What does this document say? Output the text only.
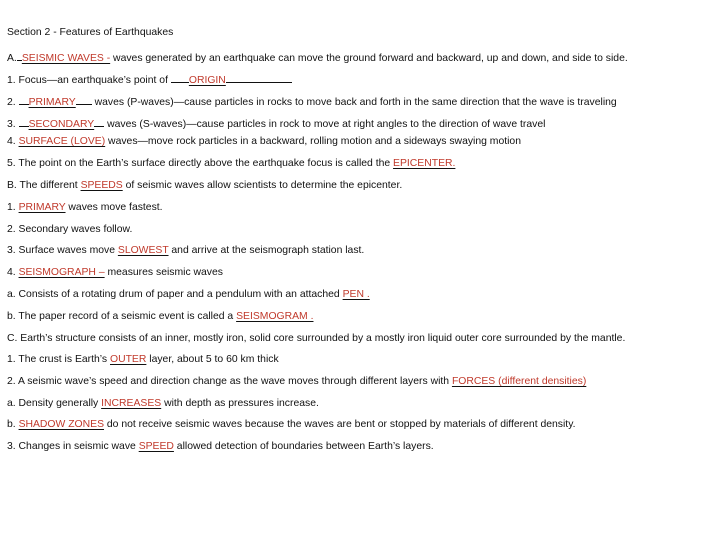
Section 2 - Features of Earthquakes
A. SEISMIC WAVES - waves generated by an earthquake can move the ground forward and backward, up and down, and side to side.
1. Focus—an earthquake’s point of ORIGIN
2. PRIMARY waves (P-waves)—cause particles in rocks to move back and forth in the same direction that the wave is traveling
3. SECONDARY waves (S-waves)—cause particles in rock to move at right angles to the direction of wave travel
4. SURFACE (LOVE) waves—move rock particles in a backward, rolling motion and a sideways swaying motion
5. The point on the Earth’s surface directly above the earthquake focus is called the EPICENTER.
B. The different SPEEDS of seismic waves allow scientists to determine the epicenter.
1. PRIMARY waves move fastest.
2. Secondary waves follow.
3. Surface waves move SLOWEST and arrive at the seismograph station last.
4. SEISMOGRAPH – measures seismic waves
a. Consists of a rotating drum of paper and a pendulum with an attached PEN .
b. The paper record of a seismic event is called a SEISMOGRAM .
C. Earth’s structure consists of an inner, mostly iron, solid core surrounded by a mostly iron liquid outer core surrounded by the mantle.
1. The crust is Earth’s OUTER layer, about 5 to 60 km thick
2. A seismic wave’s speed and direction change as the wave moves through different layers with FORCES (different densities)
a. Density generally INCREASES with depth as pressures increase.
b. SHADOW ZONES do not receive seismic waves because the waves are bent or stopped by materials of different density.
3. Changes in seismic wave SPEED allowed detection of boundaries between Earth’s layers.
